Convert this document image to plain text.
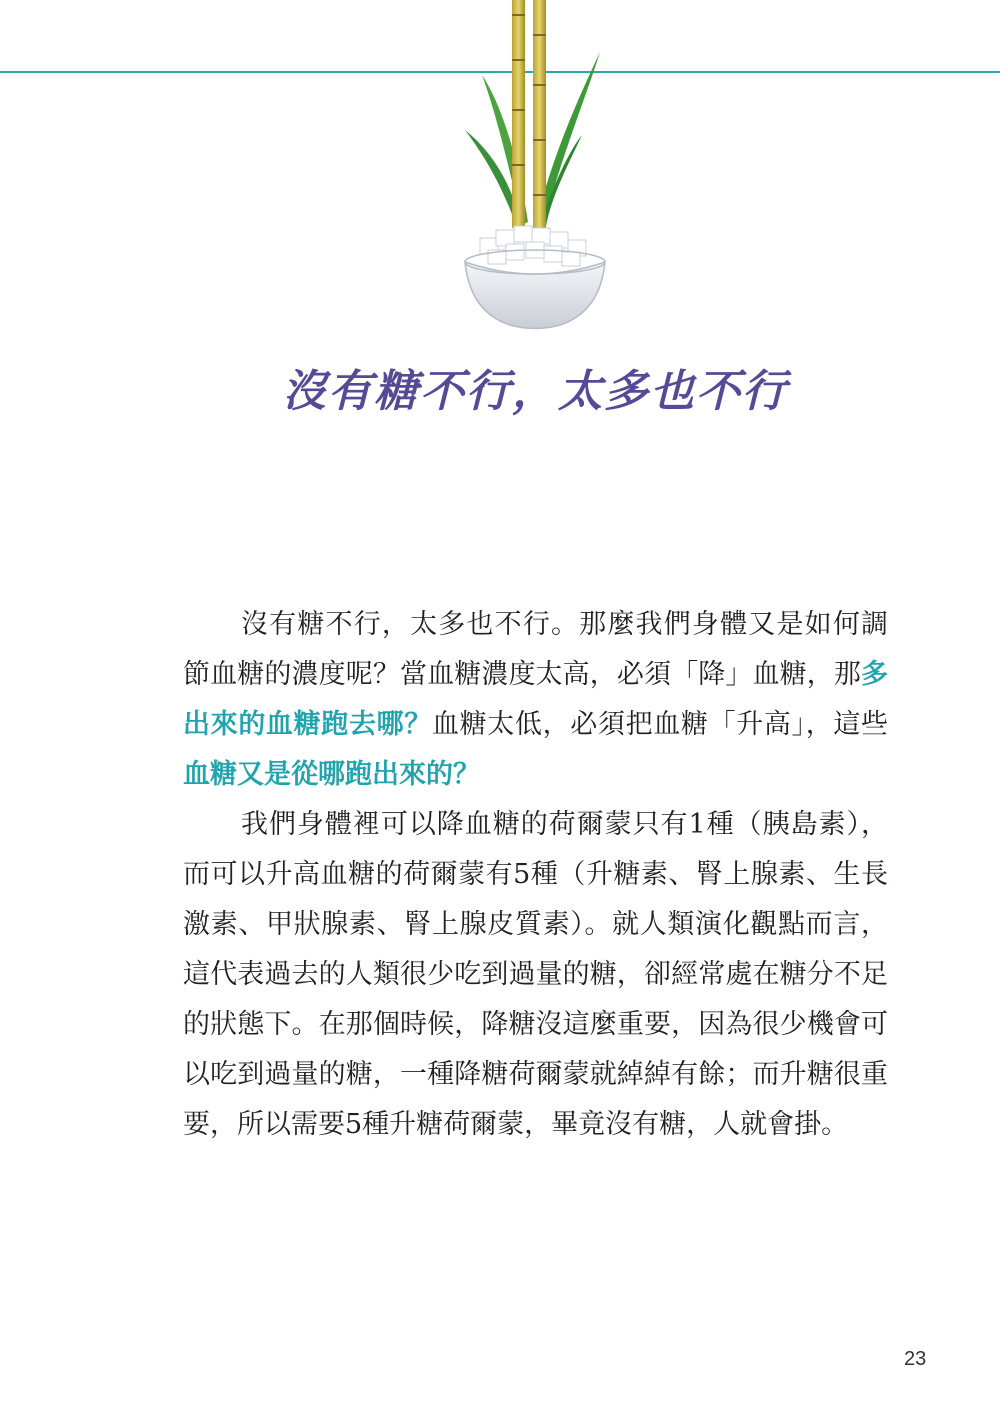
沒有糖不行，太多也不行

沒有糖不行，太多也不行。那麼我們身體又是如何調節血糖的濃度呢？當血糖濃度太高，必須「降」血糖，那多出來的血糖跑去哪？血糖太低，必須把血糖「升高」，這些血糖又是從哪跑出來的？

我們身體裡可以降血糖的荷爾蒙只有1種（胰島素），而可以升高血糖的荷爾蒙有5種（升糖素、腎上腺素、生長激素、甲狀腺素、腎上腺皮質素）。就人類演化觀點而言，這代表過去的人類很少吃到過量的糖，卻經常處在糖分不足的狀態下。在那個時候，降糖沒這麼重要，因為很少機會可以吃到過量的糖，一種降糖荷爾蒙就綽綽有餘；而升糖很重要，所以需要5種升糖荷爾蒙，畢竟沒有糖，人就會掛。

23
